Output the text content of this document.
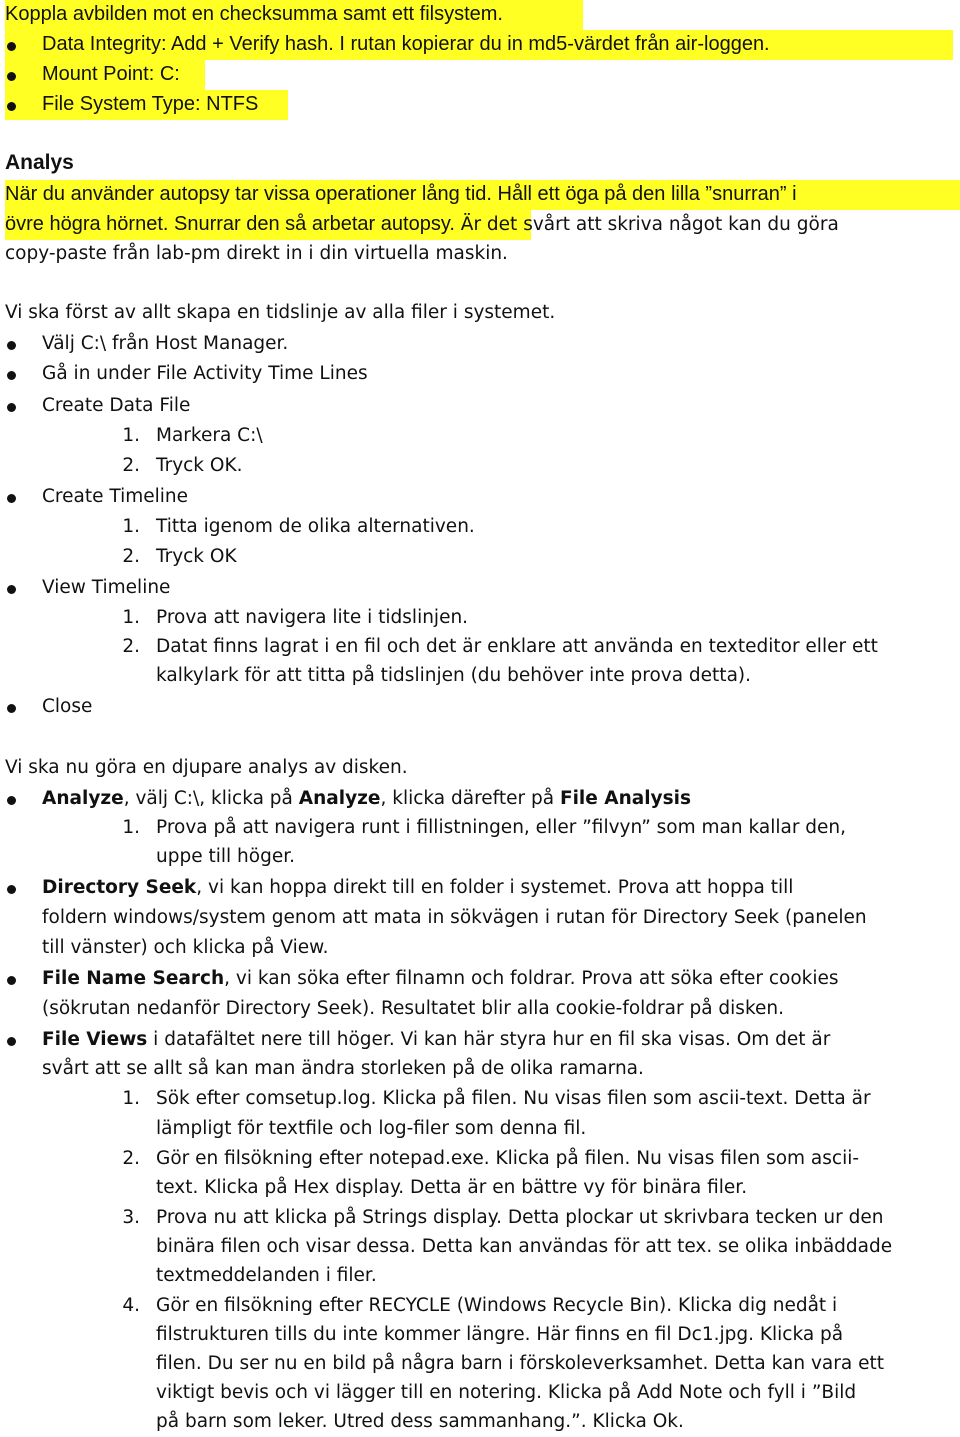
Koppla avbilden mot en checksumma samt ett filsystem.
Data Integrity: Add + Verify hash. I rutan kopierar du in md5-värdet från air-loggen.
Mount Point: C:
File System Type: NTFS
Analys
När du använder autopsy tar vissa operationer lång tid. Håll ett öga på den lilla ”snurran” i
övre högra hörnet. Snurrar den så arbetar autopsy. Är det svårt att skriva något kan du göra
copy-paste från lab-pm direkt in i din virtuella maskin.
Vi ska först av allt skapa en tidslinje av alla filer i systemet.
Välj C:\ från Host Manager.
Gå in under File Activity Time Lines
Create Data File
1. Markera C:\
2. Tryck OK.
Create Timeline
1. Titta igenom de olika alternativen.
2. Tryck OK
View Timeline
1. Prova att navigera lite i tidslinjen.
2. Datat finns lagrat i en fil och det är enklare att använda en texteditor eller ett
kalkylark för att titta på tidslinjen (du behöver inte prova detta).
Close
Vi ska nu göra en djupare analys av disken.
Analyze, välj C:\, klicka på Analyze, klicka därefter på File Analysis
1. Prova på att navigera runt i fillistningen, eller ”filvyn” som man kallar den,
uppe till höger.
Directory Seek, vi kan hoppa direkt till en folder i systemet. Prova att hoppa till
foldern windows/system genom att mata in sökvägen i rutan för Directory Seek (panelen
till vänster) och klicka på View.
File Name Search, vi kan söka efter filnamn och foldrar. Prova att söka efter cookies
(sökrutan nedanför Directory Seek). Resultatet blir alla cookie-foldrar på disken.
File Views i datafältet nere till höger. Vi kan här styra hur en fil ska visas. Om det är
svårt att se allt så kan man ändra storleken på de olika ramarna.
1. Sök efter comsetup.log. Klicka på filen. Nu visas filen som ascii-text. Detta är
lämpligt för textfile och log-filer som denna fil.
2. Gör en filsökning efter notepad.exe. Klicka på filen. Nu visas filen som ascii-
text. Klicka på Hex display. Detta är en bättre vy för binära filer.
3. Prova nu att klicka på Strings display. Detta plockar ut skrivbara tecken ur den
binära filen och visar dessa. Detta kan användas för att tex. se olika inbäddade
textmeddelanden i filer.
4. Gör en filsökning efter RECYCLE (Windows Recycle Bin). Klicka dig nedåt i
filstrukturen tills du inte kommer längre. Här finns en fil Dc1.jpg. Klicka på
filen. Du ser nu en bild på några barn i förskoleverksamhet. Detta kan vara ett
viktigt bevis och vi lägger till en notering. Klicka på Add Note och fyll i ”Bild
på barn som leker. Utred dess sammanhang.”. Klicka Ok.
